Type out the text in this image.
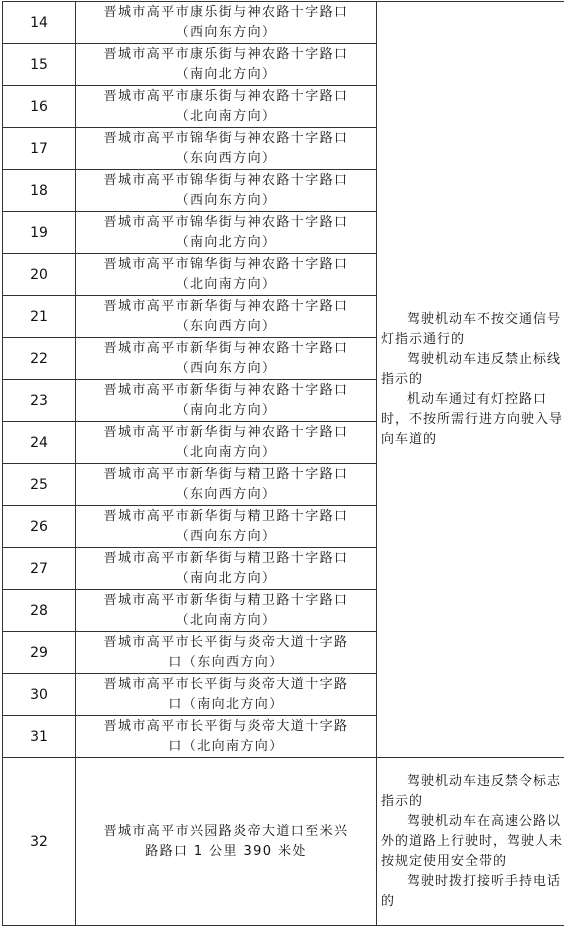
14	晋城市高平市康乐街与神农路十字路口
（西向东方向）	驾驶机动车不按交通信号灯指示通行的
驾驶机动车违反禁止标线指示的
机动车通过有灯控路口时，不按所需行进方向驶入导向车道的

15	晋城市高平市康乐街与神农路十字路口
（南向北方向）	

16	晋城市高平市康乐街与神农路十字路口
（北向南方向）	

17	晋城市高平市锦华街与神农路十字路口
（东向西方向）	

18	晋城市高平市锦华街与神农路十字路口
（西向东方向）	

19	晋城市高平市锦华街与神农路十字路口
（南向北方向）	

20	晋城市高平市锦华街与神农路十字路口
（北向南方向）	

21	晋城市高平市新华街与神农路十字路口
（东向西方向）	

22	晋城市高平市新华街与神农路十字路口
（西向东方向）	

23	晋城市高平市新华街与神农路十字路口
（南向北方向）	

24	晋城市高平市新华街与神农路十字路口
（北向南方向）	

25	晋城市高平市新华街与精卫路十字路口
（东向西方向）	

26	晋城市高平市新华街与精卫路十字路口
（西向东方向）	

27	晋城市高平市新华街与精卫路十字路口
（南向北方向）	

28	晋城市高平市新华街与精卫路十字路口
（北向南方向）	

29	晋城市高平市长平街与炎帝大道十字路
口（东向西方向）	

30	晋城市高平市长平街与炎帝大道十字路
口（南向北方向）	

31	晋城市高平市长平街与炎帝大道十字路
口（北向南方向）	

32	晋城市高平市兴园路炎帝大道口至米兴
路路口 1 公里 390 米处	驾驶机动车违反禁令标志指示的
驾驶机动车在高速公路以外的道路上行驶时，驾驶人未按规定使用安全带的
驾驶时拨打接听手持电话的
